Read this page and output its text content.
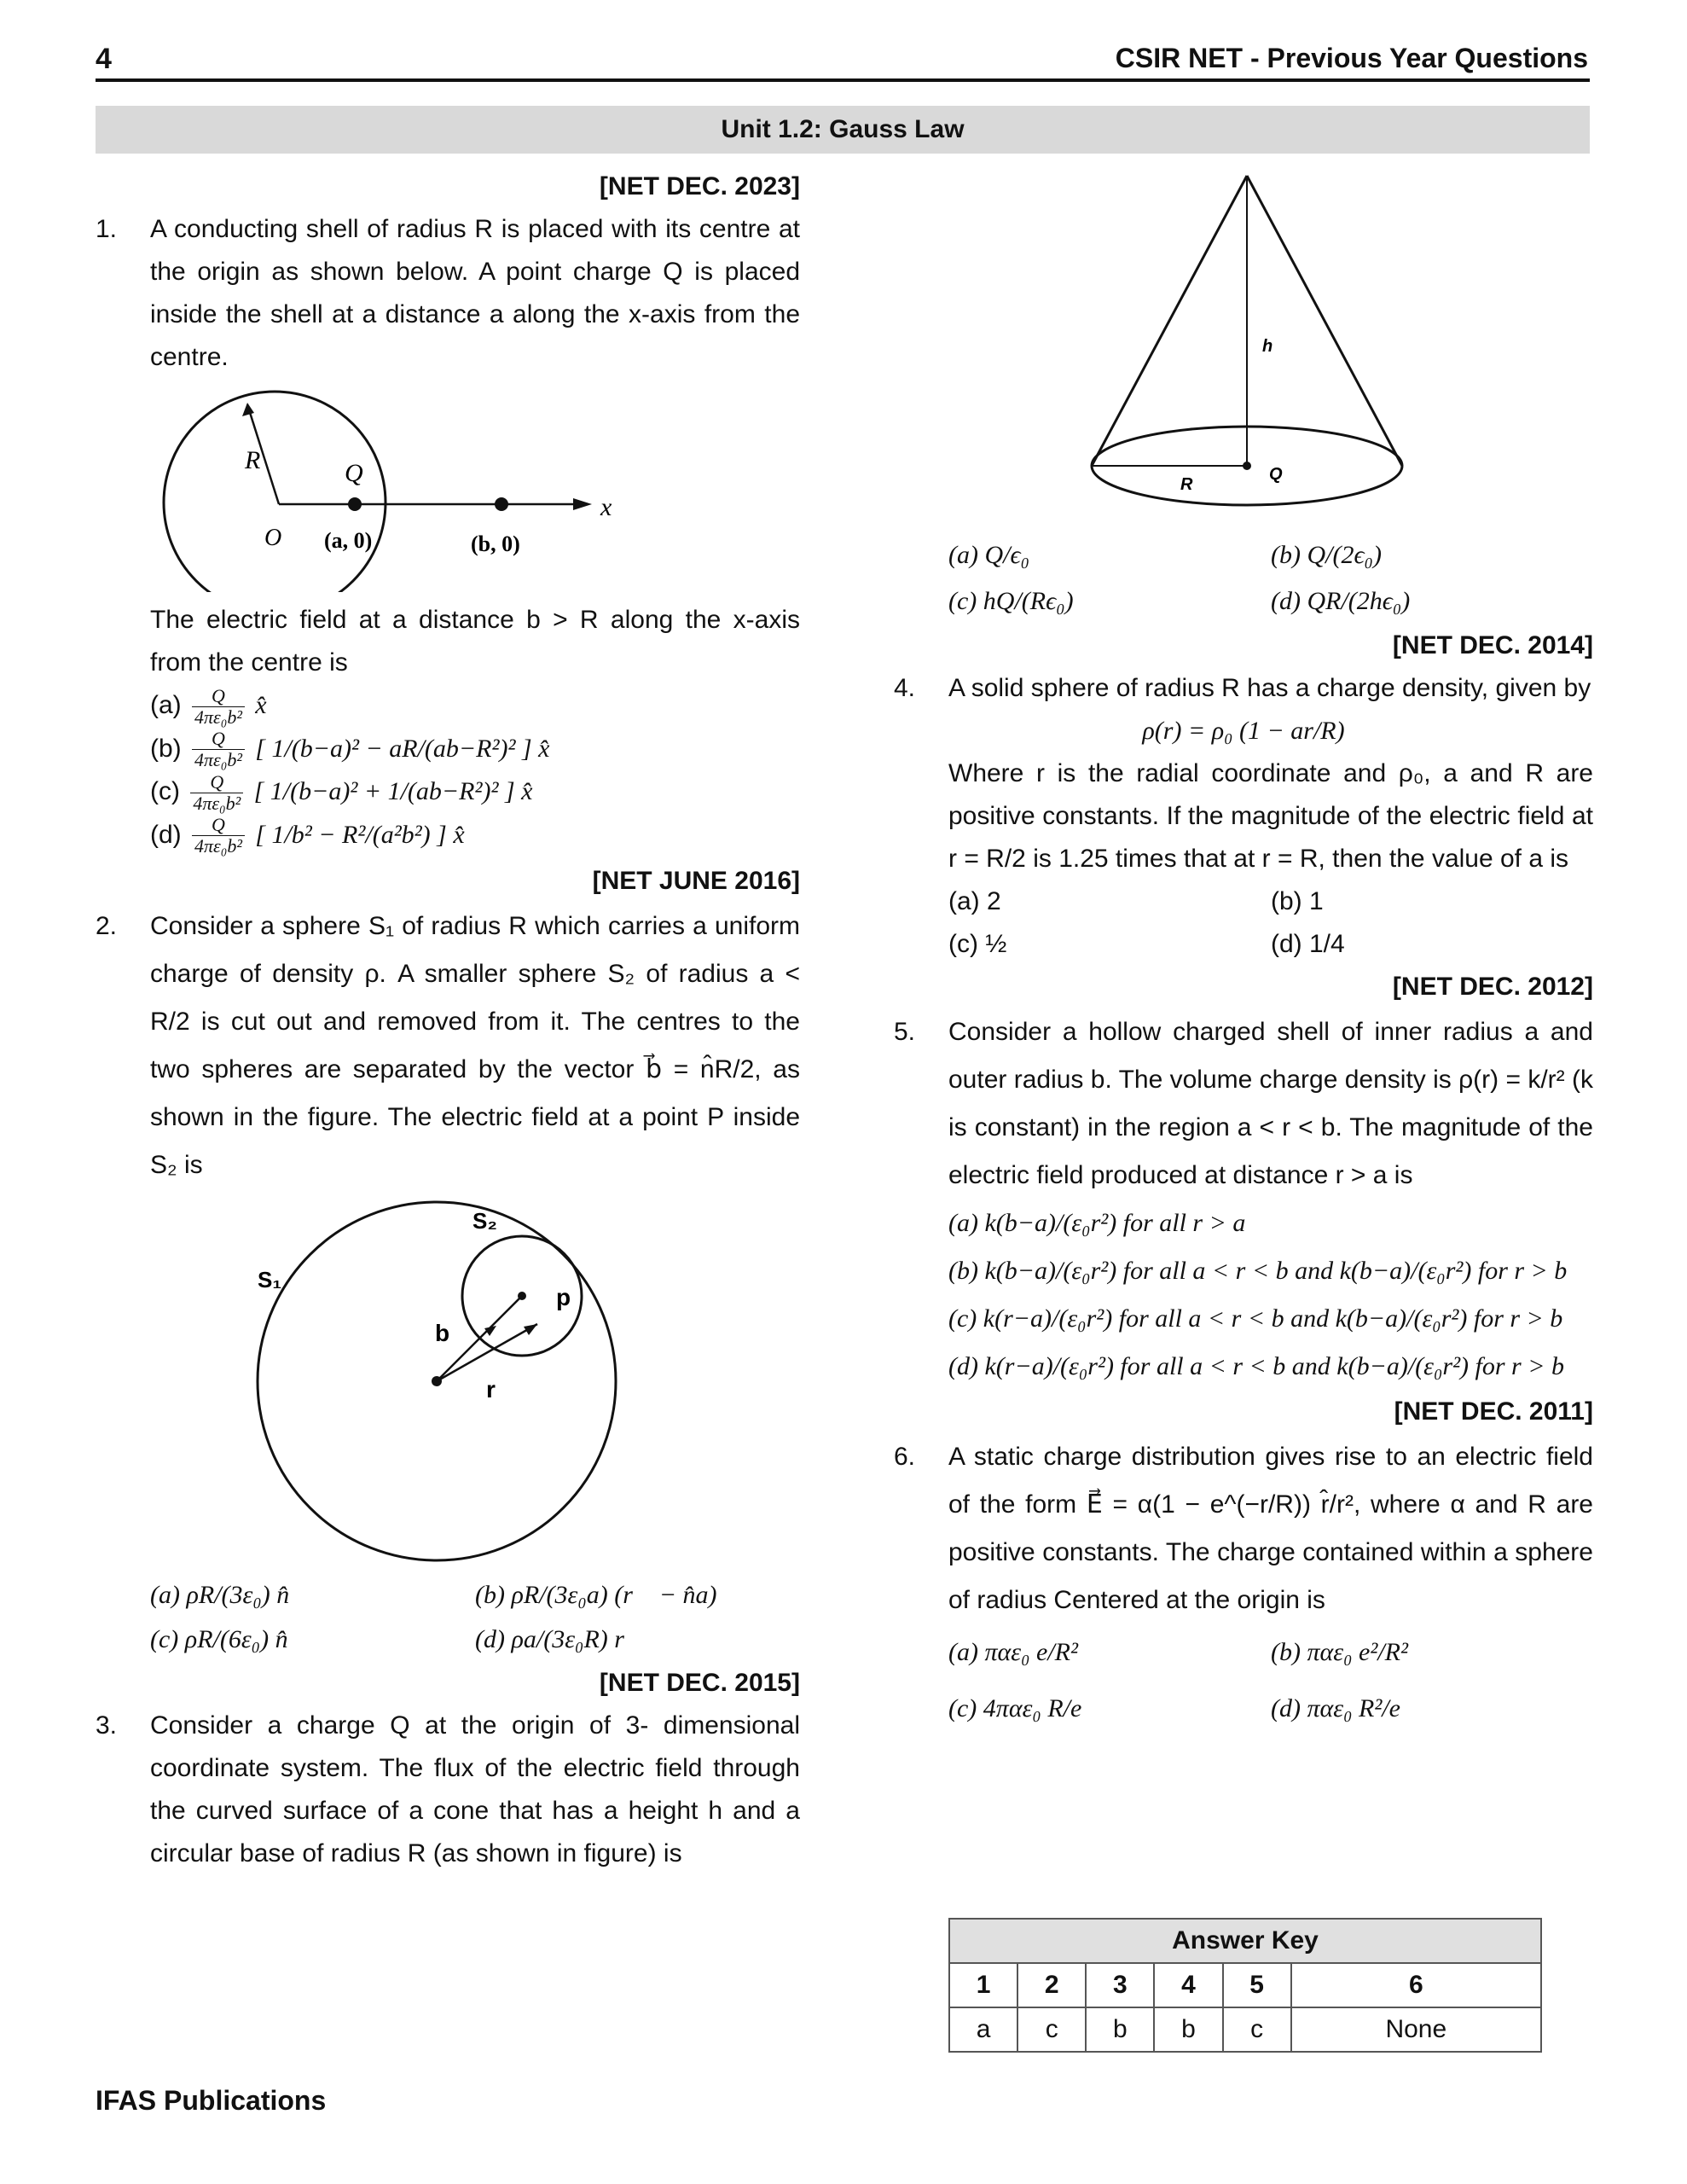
4	CSIR NET - Previous Year Questions
Unit 1.2: Gauss Law
[NET DEC. 2023]
1. A conducting shell of radius R is placed with its centre at the origin as shown below. A point charge Q is placed inside the shell at a distance a along the x-axis from the centre.
R	Q
O (a, 0)	(b, 0)
x
The electric field at a distance b > R along the x-axis from the centre is
$(a) \frac{Q}{\text{4πε₀b²}}$ x̂
$(b) \frac{Q}{\text{4πε₀b²}}$ [ 1/(b−a)² − aR/(ab−R²)² ] x̂
$(c) \frac{Q}{\text{4πε₀b²}}$ [ 1/(b−a)² + 1/(ab−R²)² ] x̂
$(d) \frac{Q}{\text{4πε₀b²}}$ [ 1/b² − R²/(a²b²) ] x̂
[NET JUNE 2016]
2. Consider a sphere S₁ of radius R which carries a uniform charge of density ρ. A smaller sphere S₂ of radius a < R/2 is cut out and removed from it. The centres to the two spheres are separated by the vector b⃗ = n̂R/2, as shown in the figure. The electric field at a point P inside S₂ is
S₁
S₂
p
b
r
(a) ρR/(3ε₀) n̂	(b) ρR/(3ε₀a) (r⃗ − n̂a)
(c) ρR/(6ε₀) n̂	(d) ρa/(3ε₀R) r⃗
[NET DEC. 2015]
3. Consider a charge Q at the origin of 3- dimensional coordinate system. The flux of the electric field through the curved surface of a cone that has a height h and a circular base of radius R (as shown in figure) is
h
R
Q
(a) Q/ϵ₀	(b) Q/(2ϵ₀)
(c) hQ/(Rϵ₀)	(d) QR/(2hϵ₀)
[NET DEC. 2014]
4. A solid sphere of radius R has a charge density, given by
ρ(r) = ρ₀ (1 − ar/R)
Where r is the radial coordinate and ρ₀, a and R are positive constants. If the magnitude of the electric field at r = R/2 is 1.25 times that at r = R, then the value of a is
(a) 2	(b) 1
(c) ½	(d) 1/4
[NET DEC. 2012]
5. Consider a hollow charged shell of inner radius a and outer radius b. The volume charge density is ρ(r) = k/r² (k is constant) in the region a < r < b. The magnitude of the electric field produced at distance r > a is
(a) k(b−a)/(ε₀r²) for all r > a
(b) k(b−a)/(ε₀r²) for all a < r < b and k(b−a)/(ε₀r²) for r > b
(c) k(r−a)/(ε₀r²) for all a < r < b and k(b−a)/(ε₀r²) for r > b
(d) k(r−a)/(ε₀r²) for all a < r < b and k(b−a)/(ε₀r²) for r > b
[NET DEC. 2011]
6. A static charge distribution gives rise to an electric field of the form E⃗ = α(1 − e^(−r/R)) r̂/r², where α and R are positive constants. The charge contained within a sphere of radius Centered at the origin is
(a) παε₀ e/R²	(b) παε₀ e²/R²
(c) 4παε₀ R/e	(d) παε₀ R²/e
Answer Key					
1	2	3	4	5	6
a	c	b	b	c	None
IFAS Publications
